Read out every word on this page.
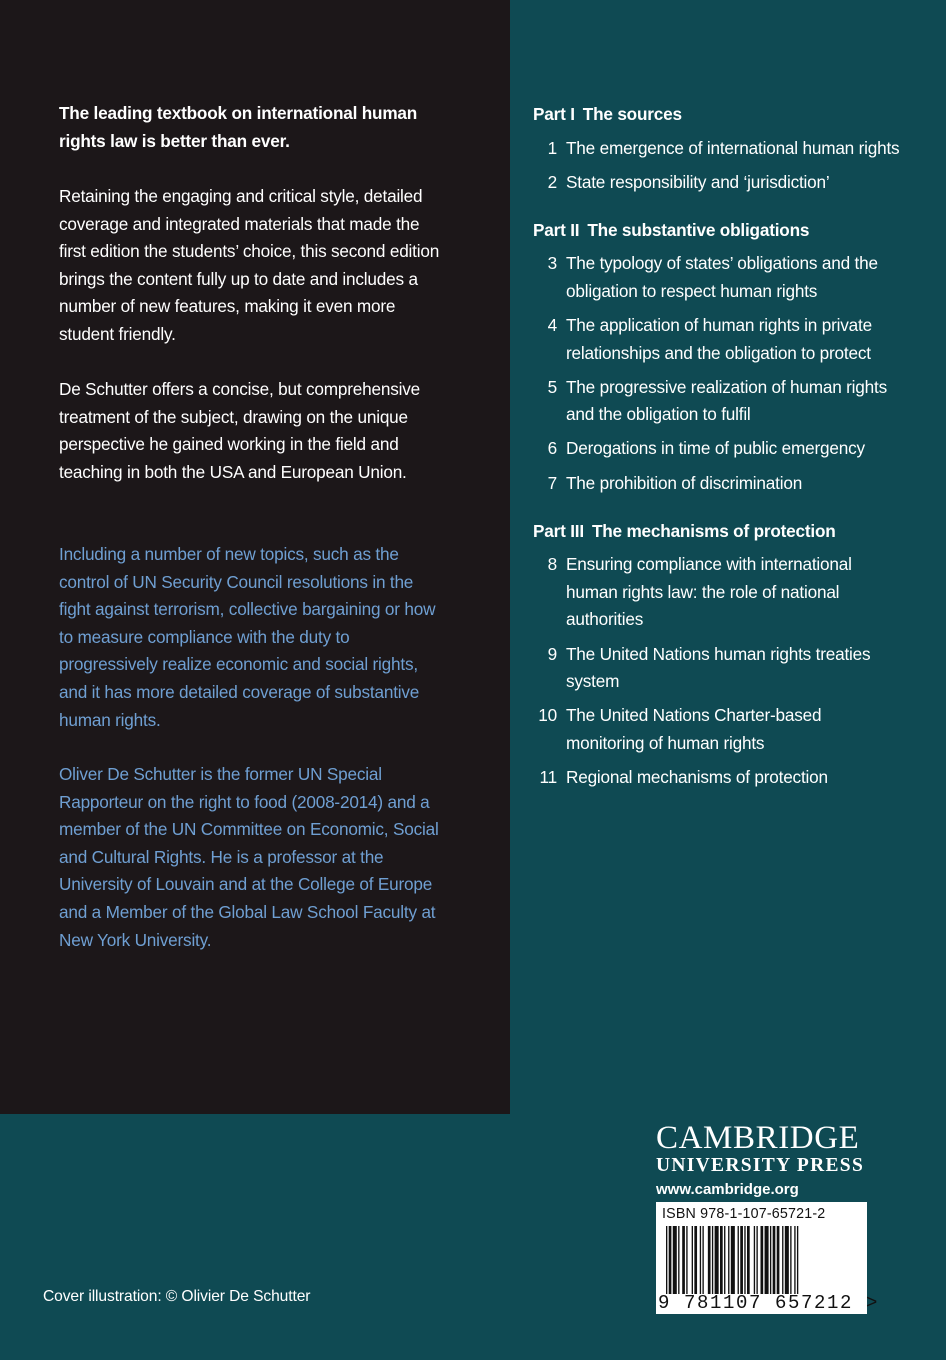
The leading textbook on international human rights law is better than ever.

Retaining the engaging and critical style, detailed coverage and integrated materials that made the first edition the students’ choice, this second edition brings the content fully up to date and includes a number of new features, making it even more student friendly.

De Schutter offers a concise, but comprehensive treatment of the subject, drawing on the unique perspective he gained working in the field and teaching in both the USA and European Union.

Including a number of new topics, such as the control of UN Security Council resolutions in the fight against terrorism, collective bargaining or how to measure compliance with the duty to progressively realize economic and social rights, and it has more detailed coverage of substantive human rights.

Oliver De Schutter is the former UN Special Rapporteur on the right to food (2008-2014) and a member of the UN Committee on Economic, Social and Cultural Rights. He is a professor at the University of Louvain and at the College of Europe and a Member of the Global Law School Faculty at New York University.

Part I The sources
1 The emergence of international human rights
2 State responsibility and ‘jurisdiction’
Part II The substantive obligations
3 The typology of states’ obligations and the obligation to respect human rights
4 The application of human rights in private relationships and the obligation to protect
5 The progressive realization of human rights and the obligation to fulfil
6 Derogations in time of public emergency
7 The prohibition of discrimination
Part III The mechanisms of protection
8 Ensuring compliance with international human rights law: the role of national authorities
9 The United Nations human rights treaties system
10 The United Nations Charter-based monitoring of human rights
11 Regional mechanisms of protection
CAMBRIDGE
UNIVERSITY PRESS
www.cambridge.org
ISBN 978-1-107-65721-2
9 781107 657212 >
Cover illustration: © Olivier De Schutter
